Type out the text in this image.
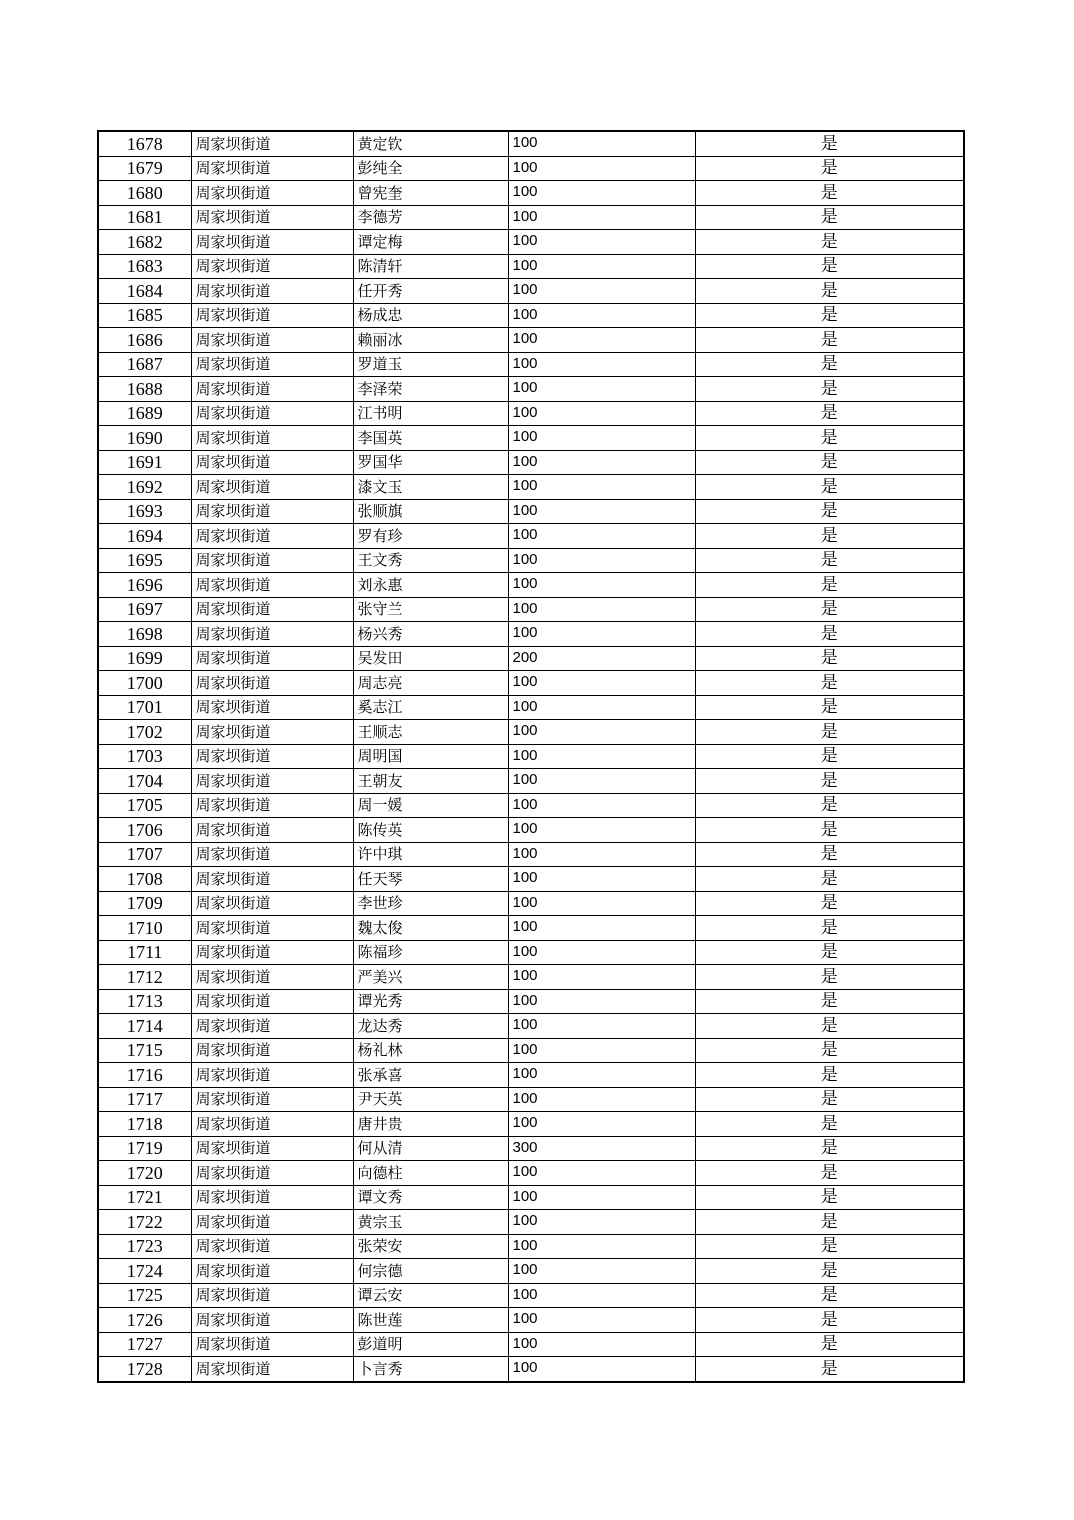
1678	周家坝街道	黄定钦	100	是
1679	周家坝街道	彭纯全	100	是
1680	周家坝街道	曾宪奎	100	是
1681	周家坝街道	李德芳	100	是
1682	周家坝街道	谭定梅	100	是
1683	周家坝街道	陈清轩	100	是
1684	周家坝街道	任开秀	100	是
1685	周家坝街道	杨成忠	100	是
1686	周家坝街道	赖丽冰	100	是
1687	周家坝街道	罗道玉	100	是
1688	周家坝街道	李泽荣	100	是
1689	周家坝街道	江书明	100	是
1690	周家坝街道	李国英	100	是
1691	周家坝街道	罗国华	100	是
1692	周家坝街道	漆文玉	100	是
1693	周家坝街道	张顺旗	100	是
1694	周家坝街道	罗有珍	100	是
1695	周家坝街道	王文秀	100	是
1696	周家坝街道	刘永惠	100	是
1697	周家坝街道	张守兰	100	是
1698	周家坝街道	杨兴秀	100	是
1699	周家坝街道	吴发田	200	是
1700	周家坝街道	周志亮	100	是
1701	周家坝街道	奚志江	100	是
1702	周家坝街道	王顺志	100	是
1703	周家坝街道	周明国	100	是
1704	周家坝街道	王朝友	100	是
1705	周家坝街道	周一媛	100	是
1706	周家坝街道	陈传英	100	是
1707	周家坝街道	许中琪	100	是
1708	周家坝街道	任天琴	100	是
1709	周家坝街道	李世珍	100	是
1710	周家坝街道	魏太俊	100	是
1711	周家坝街道	陈福珍	100	是
1712	周家坝街道	严美兴	100	是
1713	周家坝街道	谭光秀	100	是
1714	周家坝街道	龙达秀	100	是
1715	周家坝街道	杨礼林	100	是
1716	周家坝街道	张承喜	100	是
1717	周家坝街道	尹天英	100	是
1718	周家坝街道	唐井贵	100	是
1719	周家坝街道	何从清	300	是
1720	周家坝街道	向德柱	100	是
1721	周家坝街道	谭文秀	100	是
1722	周家坝街道	黄宗玉	100	是
1723	周家坝街道	张荣安	100	是
1724	周家坝街道	何宗德	100	是
1725	周家坝街道	谭云安	100	是
1726	周家坝街道	陈世莲	100	是
1727	周家坝街道	彭道明	100	是
1728	周家坝街道	卜言秀	100	是
